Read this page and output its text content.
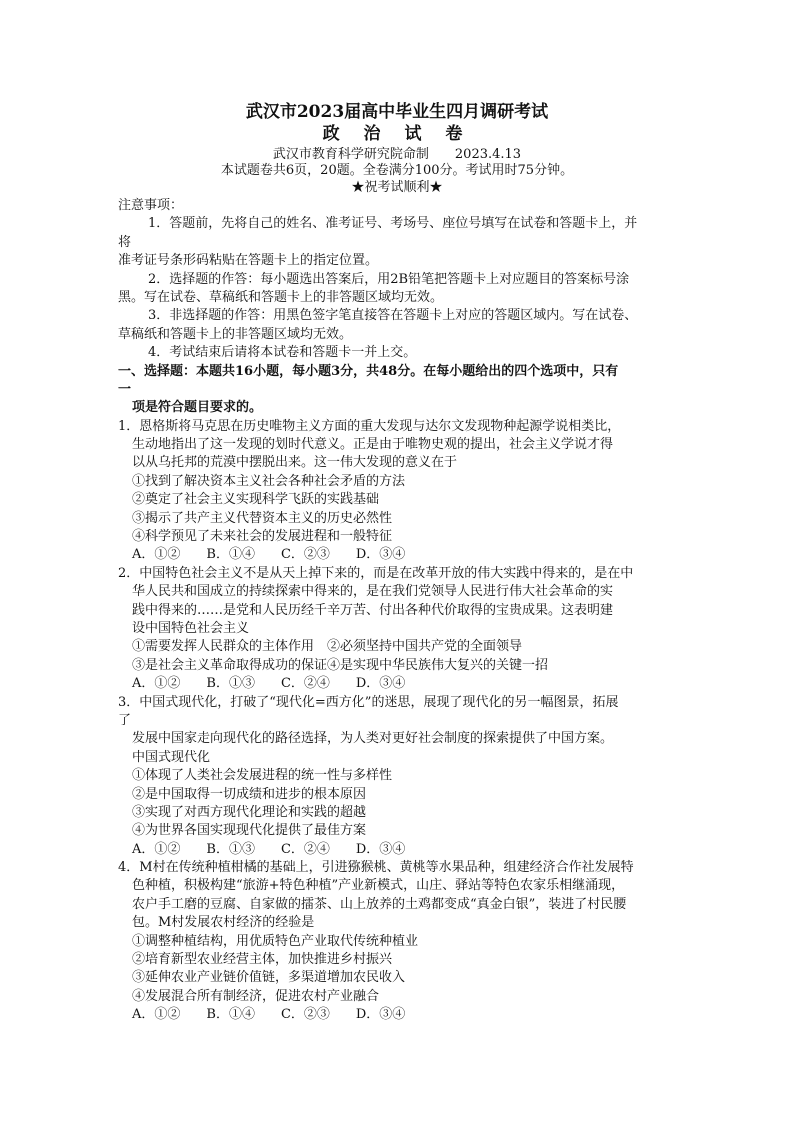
武汉市2023届高中毕业生四月调研考试
政 治 试 卷
武汉市教育科学研究院命制　　2023.4.13
本试题卷共6页，20题。全卷满分100分。考试用时75分钟。
★祝考试顺利★
注意事项：
1．答题前，先将自己的姓名、准考证号、考场号、座位号填写在试卷和答题卡上，并
将
准考证号条形码粘贴在答题卡上的指定位置。
2．选择题的作答：每小题选出答案后，用2B铅笔把答题卡上对应题目的答案标号涂
黑。写在试卷、草稿纸和答题卡上的非答题区域均无效。
3．非选择题的作答：用黑色签字笔直接答在答题卡上对应的答题区域内。写在试卷、
草稿纸和答题卡上的非答题区域均无效。
4．考试结束后请将本试卷和答题卡一并上交。
一、选择题：本题共16小题，每小题3分，共48分。在每小题给出的四个选项中，只有
一
项是符合题目要求的。
1．恩格斯将马克思在历史唯物主义方面的重大发现与达尔文发现物种起源学说相类比，
生动地指出了这一发现的划时代意义。正是由于唯物史观的提出，社会主义学说才得
以从乌托邦的荒漠中摆脱出来。这一伟大发现的意义在于
①找到了解决资本主义社会各种社会矛盾的方法
②奠定了社会主义实现科学飞跃的实践基础
③揭示了共产主义代替资本主义的历史必然性
④科学预见了未来社会的发展进程和一般特征
A．①②　　B．①④　　C．②③　　D．③④
2．中国特色社会主义不是从天上掉下来的，而是在改革开放的伟大实践中得来的，是在中
华人民共和国成立的持续探索中得来的，是在我们党领导人民进行伟大社会革命的实
践中得来的……是党和人民历经千辛万苦、付出各种代价取得的宝贵成果。这表明建
设中国特色社会主义
①需要发挥人民群众的主体作用　②必须坚持中国共产党的全面领导
③是社会主义革命取得成功的保证④是实现中华民族伟大复兴的关键一招
A．①②　　B．①③　　C．②④　　D．③④
3．中国式现代化，打破了“现代化=西方化”的迷思，展现了现代化的另一幅图景，拓展
了
发展中国家走向现代化的路径选择，为人类对更好社会制度的探索提供了中国方案。
中国式现代化
①体现了人类社会发展进程的统一性与多样性
②是中国取得一切成绩和进步的根本原因
③实现了对西方现代化理论和实践的超越
④为世界各国实现现代化提供了最佳方案
A．①②　　B．①③　　C．②④　　D．③④
4．M村在传统种植柑橘的基础上，引进猕猴桃、黄桃等水果品种，组建经济合作社发展特
色种植，积极构建“旅游+特色种植”产业新模式，山庄、驿站等特色农家乐相继涌现，
农户手工磨的豆腐、自家做的擂茶、山上放养的土鸡都变成“真金白银”，装进了村民腰
包。M村发展农村经济的经验是
①调整种植结构，用优质特色产业取代传统种植业
②培育新型农业经营主体，加快推进乡村振兴
③延伸农业产业链价值链，多渠道增加农民收入
④发展混合所有制经济，促进农村产业融合
A．①②　　B．①④　　C．②③　　D．③④
